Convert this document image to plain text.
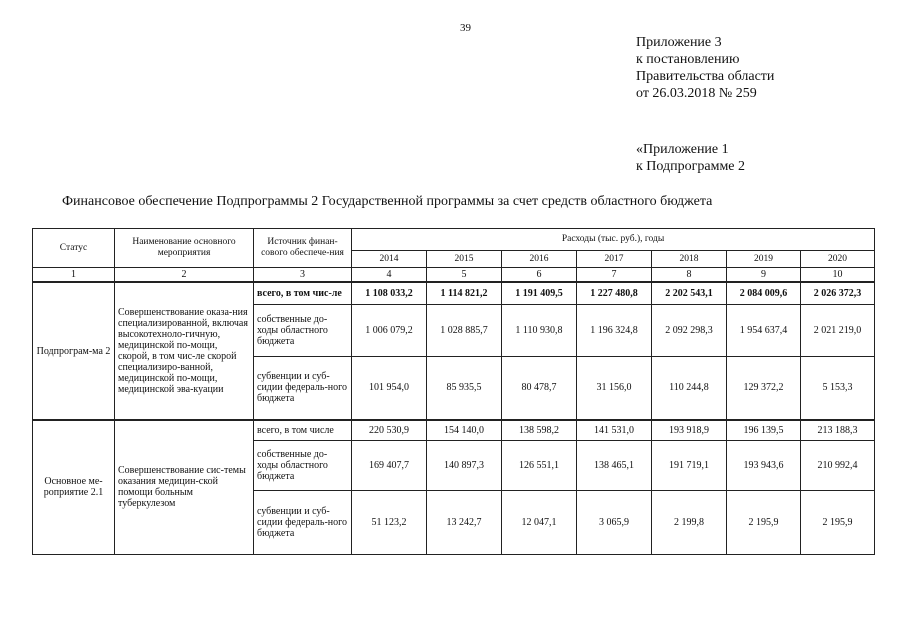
39
Приложение 3
к постановлению
Правительства области
от 26.03.2018 № 259
«Приложение 1
к Подпрограмме 2
Финансовое обеспечение Подпрограммы 2 Государственной программы за счет средств областного бюджета
Статус	Наименование основного мероприятия	Источник финан-сового обеспече-ния	Расходы (тыс. руб.), годы						
			2014	2015	2016	2017	2018	2019	2020
1	2	3	4	5	6	7	8	9	10
Подпрограм-ма 2	Совершенствование оказа-ния специализированной, включая высокотехноло-гичную, медицинской по-мощи, скорой, в том чис-ле скорой специализиро-ванной, медицинской по-мощи, медицинской эва-куации	всего, в том чис-ле	1 108 033,2	1 114 821,2	1 191 409,5	1 227 480,8	2 202 543,1	2 084 009,6	2 026 372,3
		собственные до-ходы областного бюджета	1 006 079,2	1 028 885,7	1 110 930,8	1 196 324,8	2 092 298,3	1 954 637,4	2 021 219,0
		субвенции и суб-сидии федераль-ного бюджета	101 954,0	85 935,5	80 478,7	31 156,0	110 244,8	129 372,2	5 153,3
Основное ме-роприятие 2.1	Совершенствование сис-темы оказания медицин-ской помощи больным туберкулезом	всего, в том числе	220 530,9	154 140,0	138 598,2	141 531,0	193 918,9	196 139,5	213 188,3
		собственные до-ходы областного бюджета	169 407,7	140 897,3	126 551,1	138 465,1	191 719,1	193 943,6	210 992,4
		субвенции и суб-сидии федераль-ного бюджета	51 123,2	13 242,7	12 047,1	3 065,9	2 199,8	2 195,9	2 195,9
